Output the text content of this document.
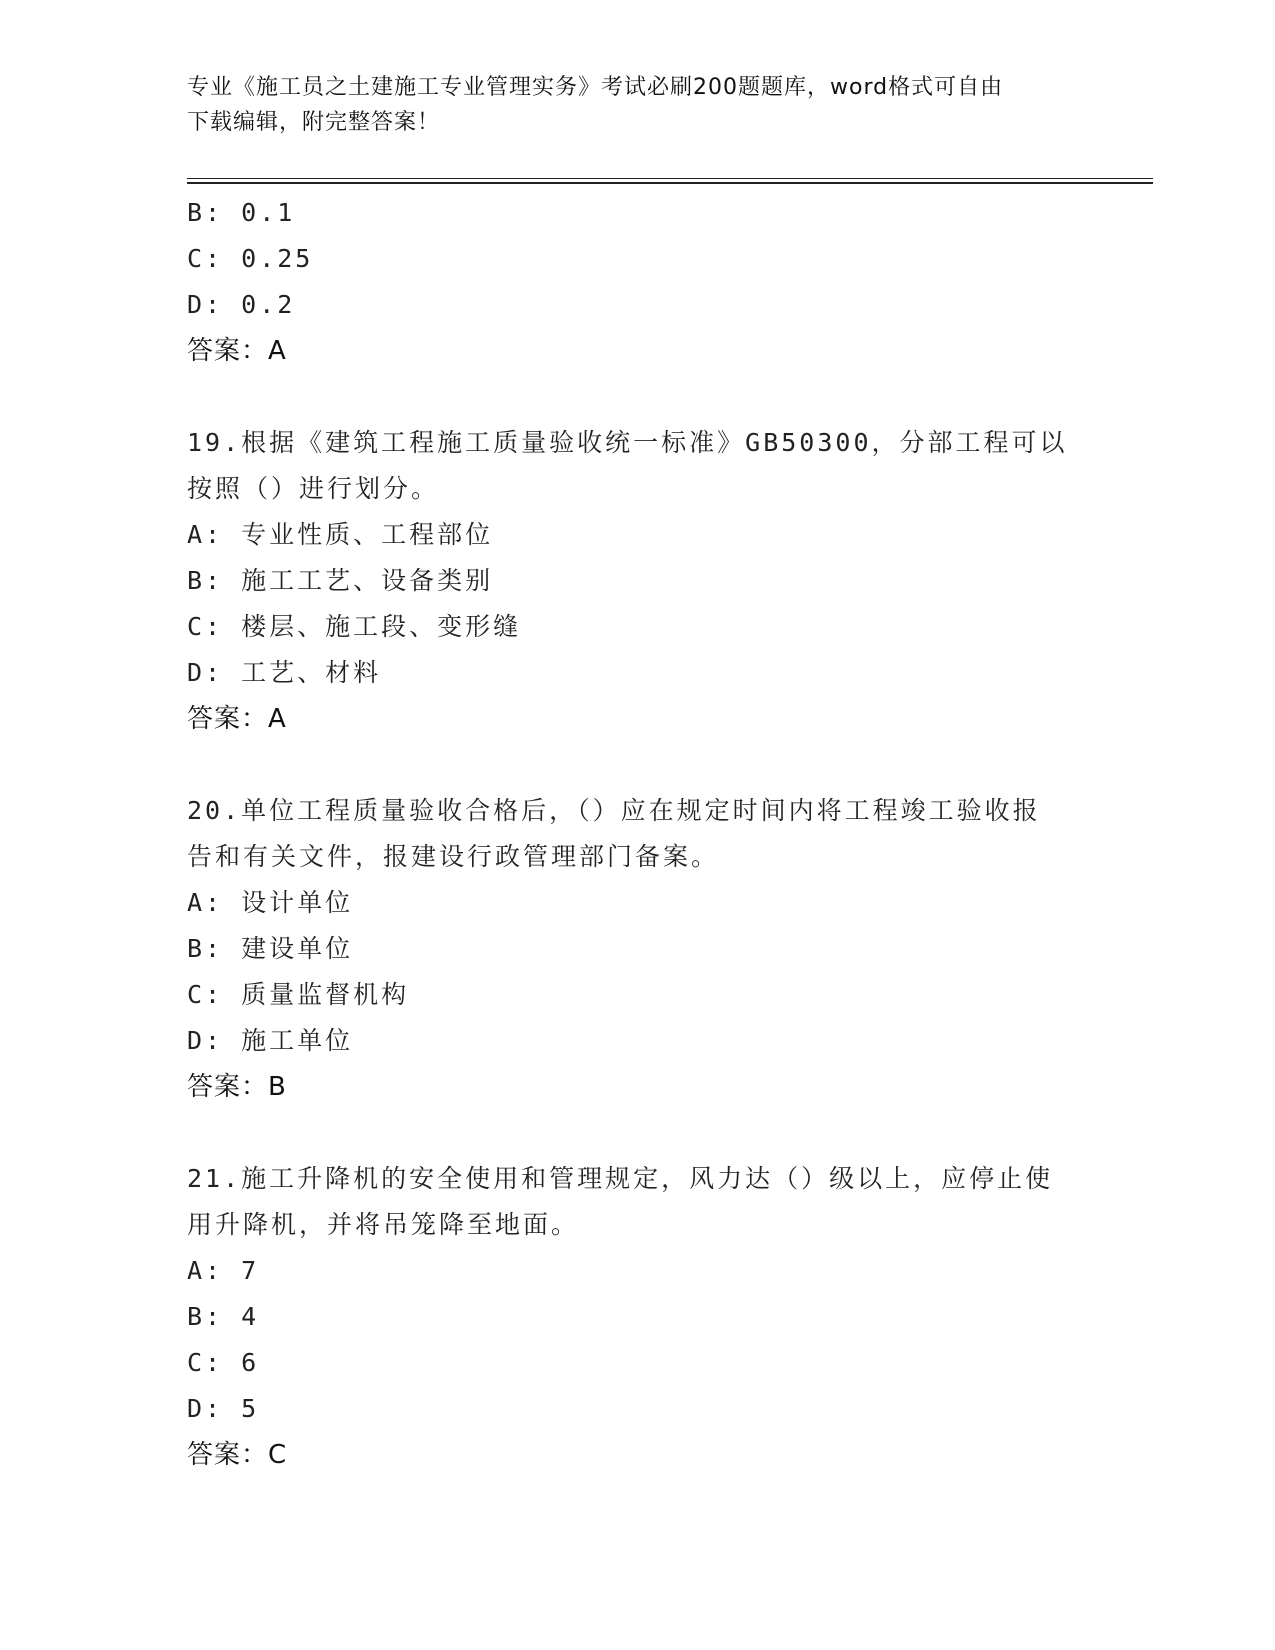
专业《施工员之土建施工专业管理实务》考试必刷200题题库，word格式可自由
下载编辑，附完整答案！
B: 0.1
C: 0.25
D: 0.2
答案：A
19.根据《建筑工程施工质量验收统一标准》GB50300，分部工程可以
按照（）进行划分。
A: 专业性质、工程部位
B: 施工工艺、设备类别
C: 楼层、施工段、变形缝
D: 工艺、材料
答案：A
20.单位工程质量验收合格后，（）应在规定时间内将工程竣工验收报
告和有关文件，报建设行政管理部门备案。
A: 设计单位
B: 建设单位
C: 质量监督机构
D: 施工单位
答案：B
21.施工升降机的安全使用和管理规定，风力达（）级以上，应停止使
用升降机，并将吊笼降至地面。
A: 7
B: 4
C: 6
D: 5
答案：C
